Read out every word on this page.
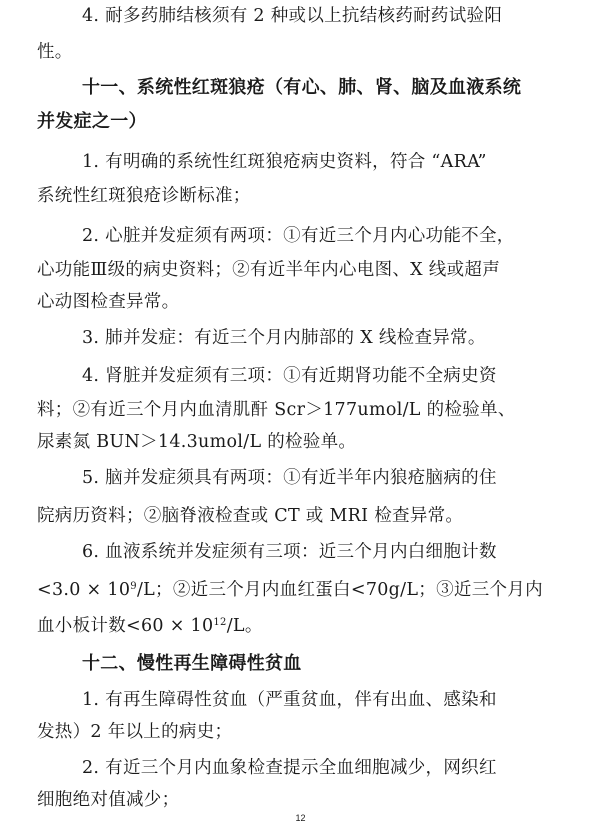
4. 耐多药肺结核须有 2 种或以上抗结核药耐药试验阳
性。
十一、系统性红斑狼疮（有心、肺、肾、脑及血液系统
并发症之一）
1. 有明确的系统性红斑狼疮病史资料，符合 “ARA”
系统性红斑狼疮诊断标准；
2. 心脏并发症须有两项：①有近三个月内心功能不全，
心功能Ⅲ级的病史资料；②有近半年内心电图、X 线或超声
心动图检查异常。
3. 肺并发症：有近三个月内肺部的 X 线检查异常。
4. 肾脏并发症须有三项：①有近期肾功能不全病史资
料；②有近三个月内血清肌酐 Scr＞177umol/L 的检验单、
尿素氮 BUN＞14.3umol/L 的检验单。
5. 脑并发症须具有两项：①有近半年内狼疮脑病的住
院病历资料；②脑脊液检查或 CT 或 MRI 检查异常。
6. 血液系统并发症须有三项：近三个月内白细胞计数
$<3.0 \times 10^9/L$；②近三个月内血红蛋白<70g/L；③近三个月内
血小板计数$<60 \times 10^{12}/L$。
十二、慢性再生障碍性贫血
1. 有再生障碍性贫血（严重贫血，伴有出血、感染和
发热）2 年以上的病史；
2. 有近三个月内血象检查提示全血细胞减少，网织红
细胞绝对值减少；
12
